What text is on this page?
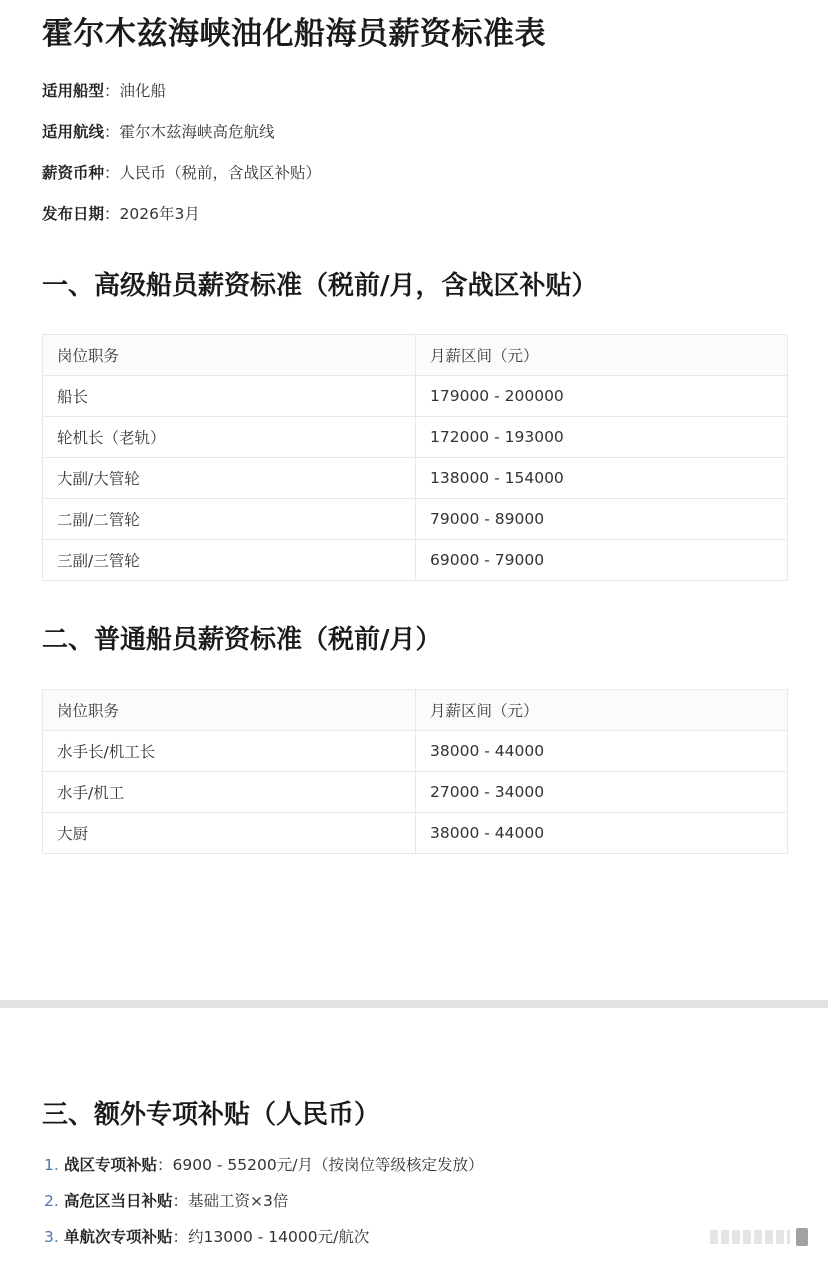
霍尔木兹海峡油化船海员薪资标准表
适用船型：油化船
适用航线：霍尔木兹海峡高危航线
薪资币种：人民币（税前，含战区补贴）
发布日期：2026年3月
一、高级船员薪资标准（税前/月，含战区补贴）
岗位职务	月薪区间（元）
船长	179000 - 200000
轮机长（老轨）	172000 - 193000
大副/大管轮	138000 - 154000
二副/二管轮	79000 - 89000
三副/三管轮	69000 - 79000
二、普通船员薪资标准（税前/月）
岗位职务	月薪区间（元）
水手长/机工长	38000 - 44000
水手/机工	27000 - 34000
大厨	38000 - 44000
三、额外专项补贴（人民币）
1. 战区专项补贴：6900 - 55200元/月（按岗位等级核定发放）
2. 高危区当日补贴：基础工资×3倍
3. 单航次专项补贴：约13000 - 14000元/航次
